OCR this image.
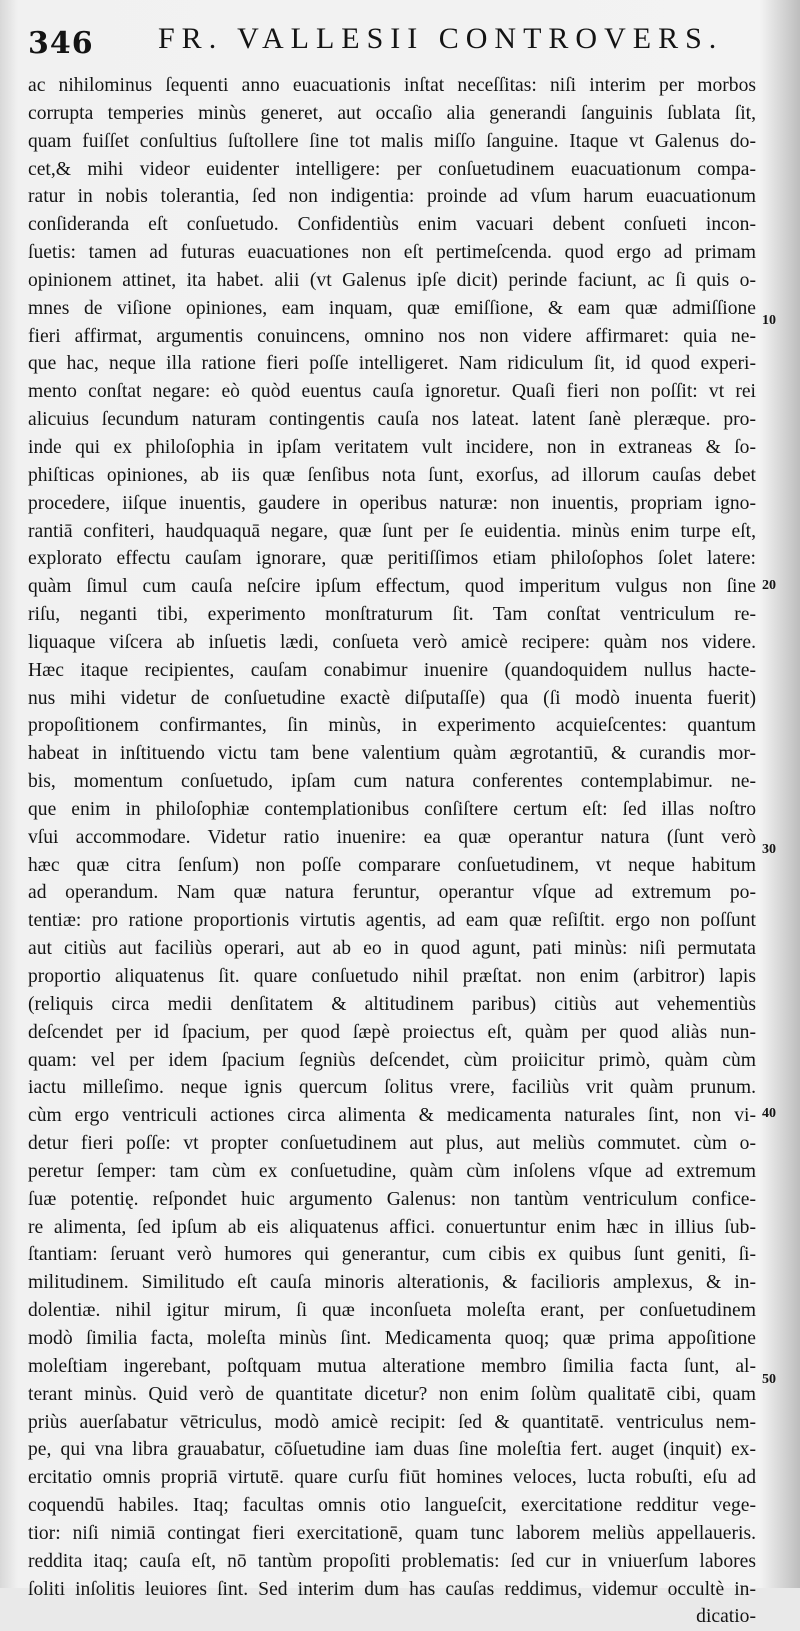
346 FR. VALLESII CONTROVERS.
ac nihilominus ſequenti anno euacuationis inſtat neceſſitas: niſi interim per morbos
corrupta temperies minùs generet, aut occaſio alia generandi ſanguinis ſublata ſit,
quam fuiſſet conſultius ſuſtollere ſine tot malis miſſo ſanguine. Itaque vt Galenus do-
cet,& mihi videor euidenter intelligere: per conſuetudinem euacuationum compa-
ratur in nobis tolerantia, ſed non indigentia: proinde ad vſum harum euacuationum
conſideranda eſt conſuetudo. Confidentiùs enim vacuari debent conſueti incon-
ſuetis: tamen ad futuras euacuationes non eſt pertimeſcenda. quod ergo ad primam
opinionem attinet, ita habet. alii (vt Galenus ipſe dicit) perinde faciunt, ac ſi quis o-
mnes de viſione opiniones, eam inquam, quæ emiſſione, & eam quæ admiſſione
fieri affirmat, argumentis conuincens, omnino nos non videre affirmaret: quia ne-
que hac, neque illa ratione fieri poſſe intelligeret. Nam ridiculum ſit, id quod experi-
mento conſtat negare: eò quòd euentus cauſa ignoretur. Quaſi fieri non poſſit: vt rei
alicuius ſecundum naturam contingentis cauſa nos lateat. latent ſanè pleræque. pro-
inde qui ex philoſophia in ipſam veritatem vult incidere, non in extraneas & ſo-
phiſticas opiniones, ab iis quæ ſenſibus nota ſunt, exorſus, ad illorum cauſas debet
procedere, iiſque inuentis, gaudere in operibus naturæ: non inuentis, propriam igno-
rantiā confiteri, haudquaquā negare, quæ ſunt per ſe euidentia. minùs enim turpe eſt,
explorato effectu cauſam ignorare, quæ peritiſſimos etiam philoſophos ſolet latere:
quàm ſimul cum cauſa neſcire ipſum effectum, quod imperitum vulgus non ſine
riſu, neganti tibi, experimento monſtraturum ſit. Tam conſtat ventriculum re-
liquaque viſcera ab inſuetis lædi, conſueta verò amicè recipere: quàm nos videre.
Hæc itaque recipientes, cauſam conabimur inuenire (quandoquidem nullus hacte-
nus mihi videtur de conſuetudine exactè diſputaſſe) qua (ſi modò inuenta fuerit)
propoſitionem confirmantes, ſin minùs, in experimento acquieſcentes: quantum
habeat in inſtituendo victu tam bene valentium quàm ægrotantiū, & curandis mor-
bis, momentum conſuetudo, ipſam cum natura conferentes contemplabimur. ne-
que enim in philoſophiæ contemplationibus conſiſtere certum eſt: ſed illas noſtro
vſui accommodare. Videtur ratio inuenire: ea quæ operantur natura (ſunt verò
hæc quæ citra ſenſum) non poſſe comparare conſuetudinem, vt neque habitum
ad operandum. Nam quæ natura feruntur, operantur vſque ad extremum po-
tentiæ: pro ratione proportionis virtutis agentis, ad eam quæ reſiſtit. ergo non poſſunt
aut citiùs aut faciliùs operari, aut ab eo in quod agunt, pati minùs: niſi permutata
proportio aliquatenus ſit. quare conſuetudo nihil præſtat. non enim (arbitror) lapis
(reliquis circa medii denſitatem & altitudinem paribus) citiùs aut vehementiùs
deſcendet per id ſpacium, per quod ſæpè proiectus eſt, quàm per quod aliàs nun-
quam: vel per idem ſpacium ſegniùs deſcendet, cùm proiicitur primò, quàm cùm
iactu milleſimo. neque ignis quercum ſolitus vrere, faciliùs vrit quàm prunum.
cùm ergo ventriculi actiones circa alimenta & medicamenta naturales ſint, non vi-
detur fieri poſſe: vt propter conſuetudinem aut plus, aut meliùs commutet. cùm o-
peretur ſemper: tam cùm ex conſuetudine, quàm cùm inſolens vſque ad extremum
ſuæ potentię. reſpondet huic argumento Galenus: non tantùm ventriculum confice-
re alimenta, ſed ipſum ab eis aliquatenus affici. conuertuntur enim hæc in illius ſub-
ſtantiam: ſeruant verò humores qui generantur, cum cibis ex quibus ſunt geniti, ſi-
militudinem. Similitudo eſt cauſa minoris alterationis, & facilioris amplexus, & in-
dolentiæ. nihil igitur mirum, ſi quæ inconſueta moleſta erant, per conſuetudinem
modò ſimilia facta, moleſta minùs ſint. Medicamenta quoq; quæ prima appoſitione
moleſtiam ingerebant, poſtquam mutua alteratione membro ſimilia facta ſunt, al-
terant minùs. Quid verò de quantitate dicetur? non enim ſolùm qualitatē cibi, quam
priùs auerſabatur vētriculus, modò amicè recipit: ſed & quantitatē. ventriculus nem-
pe, qui vna libra grauabatur, cōſuetudine iam duas ſine moleſtia fert. auget (inquit) ex-
ercitatio omnis propriā virtutē. quare curſu fiūt homines veloces, lucta robuſti, eſu ad
coquendū habiles. Itaq; facultas omnis otio langueſcit, exercitatione redditur vege-
tior: niſi nimiā contingat fieri exercitationē, quam tunc laborem meliùs appellaueris.
reddita itaq; cauſa eſt, nō tantùm propoſiti problematis: ſed cur in vniuerſum labores
ſoliti inſolitis leuiores ſint. Sed interim dum has cauſas reddimus, videmur occultè in-
dicatio-
10
20
30
40
50
